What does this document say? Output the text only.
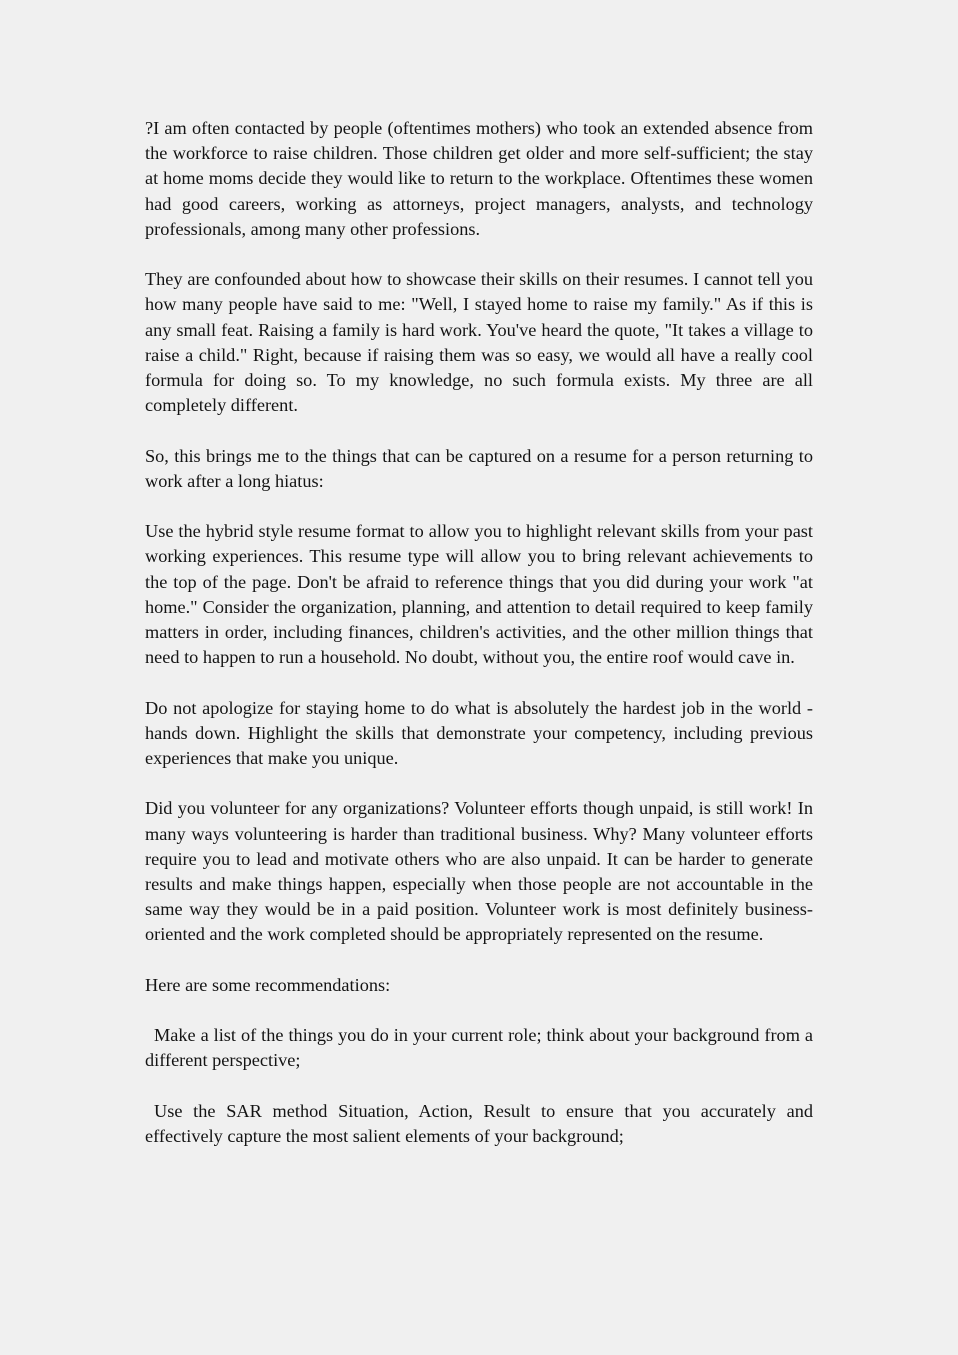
?I am often contacted by people (oftentimes mothers) who took an extended absence from the workforce to raise children. Those children get older and more self-sufficient; the stay at home moms decide they would like to return to the workplace. Oftentimes these women had good careers, working as attorneys, project managers, analysts, and technology professionals, among many other professions.

They are confounded about how to showcase their skills on their resumes. I cannot tell you how many people have said to me: "Well, I stayed home to raise my family." As if this is any small feat. Raising a family is hard work. You've heard the quote, "It takes a village to raise a child." Right, because if raising them was so easy, we would all have a really cool formula for doing so. To my knowledge, no such formula exists. My three are all completely different.

So, this brings me to the things that can be captured on a resume for a person returning to work after a long hiatus:

Use the hybrid style resume format to allow you to highlight relevant skills from your past working experiences. This resume type will allow you to bring relevant achievements to the top of the page. Don't be afraid to reference things that you did during your work "at home." Consider the organization, planning, and attention to detail required to keep family matters in order, including finances, children's activities, and the other million things that need to happen to run a household. No doubt, without you, the entire roof would cave in.

Do not apologize for staying home to do what is absolutely the hardest job in the world - hands down. Highlight the skills that demonstrate your competency, including previous experiences that make you unique.

Did you volunteer for any organizations? Volunteer efforts though unpaid, is still work! In many ways volunteering is harder than traditional business. Why? Many volunteer efforts require you to lead and motivate others who are also unpaid. It can be harder to generate results and make things happen, especially when those people are not accountable in the same way they would be in a paid position. Volunteer work is most definitely business-oriented and the work completed should be appropriately represented on the resume.

Here are some recommendations:

Make a list of the things you do in your current role; think about your background from a different perspective;

Use the SAR method Situation, Action, Result to ensure that you accurately and effectively capture the most salient elements of your background;
